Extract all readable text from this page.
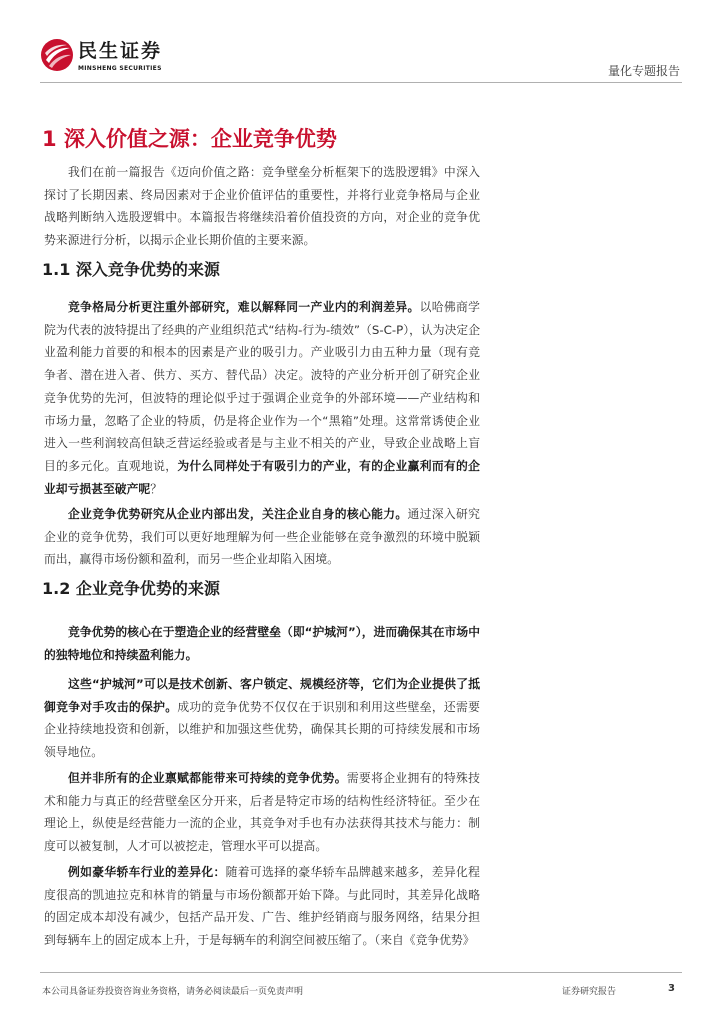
民生证券
MINSHENG SECURITIES	量化专题报告
1 深入价值之源：企业竞争优势

我们在前一篇报告《迈向价值之路：竞争壁垒分析框架下的选股逻辑》中深入探讨了长期因素、终局因素对于企业价值评估的重要性，并将行业竞争格局与企业战略判断纳入选股逻辑中。本篇报告将继续沿着价值投资的方向，对企业的竞争优势来源进行分析，以揭示企业长期价值的主要来源。

1.1 深入竞争优势的来源

竞争格局分析更注重外部研究，难以解释同一产业内的利润差异。以哈佛商学院为代表的波特提出了经典的产业组织范式“结构-行为-绩效”（S-C-P），认为决定企业盈利能力首要的和根本的因素是产业的吸引力。产业吸引力由五种力量（现有竞争者、潜在进入者、供方、买方、替代品）决定。波特的产业分析开创了研究企业竞争优势的先河，但波特的理论似乎过于强调企业竞争的外部环境——产业结构和市场力量，忽略了企业的特质，仍是将企业作为一个“黑箱”处理。这常常诱使企业进入一些利润较高但缺乏营运经验或者是与主业不相关的产业，导致企业战略上盲目的多元化。直观地说，为什么同样处于有吸引力的产业，有的企业赢利而有的企业却亏损甚至破产呢？

企业竞争优势研究从企业内部出发，关注企业自身的核心能力。通过深入研究企业的竞争优势，我们可以更好地理解为何一些企业能够在竞争激烈的环境中脱颖而出，赢得市场份额和盈利，而另一些企业却陷入困境。

1.2 企业竞争优势的来源

竞争优势的核心在于塑造企业的经营壁垒（即“护城河”），进而确保其在市场中的独特地位和持续盈利能力。

这些“护城河”可以是技术创新、客户锁定、规模经济等，它们为企业提供了抵御竞争对手攻击的保护。成功的竞争优势不仅仅在于识别和利用这些壁垒，还需要企业持续地投资和创新，以维护和加强这些优势，确保其长期的可持续发展和市场领导地位。

但并非所有的企业禀赋都能带来可持续的竞争优势。需要将企业拥有的特殊技术和能力与真正的经营壁垒区分开来，后者是特定市场的结构性经济特征。至少在理论上，纵使是经营能力一流的企业，其竞争对手也有办法获得其技术与能力：制度可以被复制，人才可以被挖走，管理水平可以提高。

例如豪华轿车行业的差异化：随着可选择的豪华轿车品牌越来越多，差异化程度很高的凯迪拉克和林肯的销量与市场份额都开始下降。与此同时，其差异化战略的固定成本却没有减少，包括产品开发、广告、维护经销商与服务网络，结果分担到每辆车上的固定成本上升，于是每辆车的利润空间被压缩了。（来自《竞争优势》

本公司具备证券投资咨询业务资格，请务必阅读最后一页免责声明	证券研究报告	3
